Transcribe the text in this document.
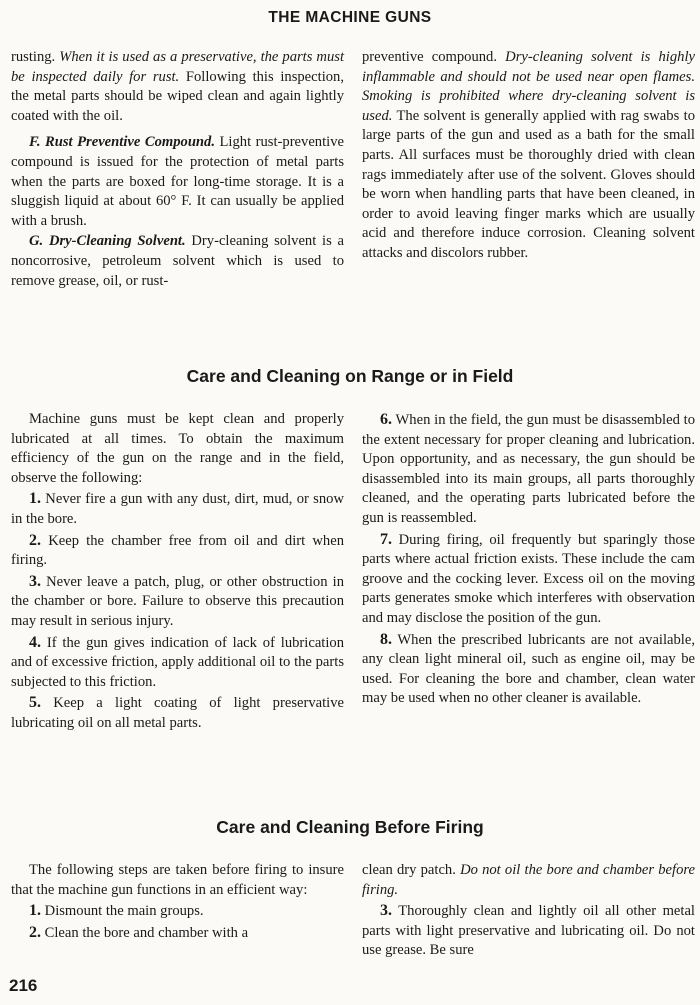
THE MACHINE GUNS

rusting. When it is used as a preservative, the parts must be inspected daily for rust. Following this inspection, the metal parts should be wiped clean and again lightly coated with the oil.

F. Rust Preventive Compound. Light rust-preventive compound is issued for the protection of metal parts when the parts are boxed for long-time storage. It is a sluggish liquid at about 60° F. It can usually be applied with a brush.

G. Dry-Cleaning Solvent. Dry-cleaning solvent is a noncorrosive, petroleum solvent which is used to remove grease, oil, or rust-

preventive compound. Dry-cleaning solvent is highly inflammable and should not be used near open flames. Smoking is prohibited where dry-cleaning solvent is used. The solvent is generally applied with rag swabs to large parts of the gun and used as a bath for the small parts. All surfaces must be thoroughly dried with clean rags immediately after use of the solvent. Gloves should be worn when handling parts that have been cleaned, in order to avoid leaving finger marks which are usually acid and therefore induce corrosion. Cleaning solvent attacks and discolors rubber.

Care and Cleaning on Range or in Field

Machine guns must be kept clean and properly lubricated at all times. To obtain the maximum efficiency of the gun on the range and in the field, observe the following:

1. Never fire a gun with any dust, dirt, mud, or snow in the bore.

2. Keep the chamber free from oil and dirt when firing.

3. Never leave a patch, plug, or other obstruction in the chamber or bore. Failure to observe this precaution may result in serious injury.

4. If the gun gives indication of lack of lubrication and of excessive friction, apply additional oil to the parts subjected to this friction.

5. Keep a light coating of light preservative lubricating oil on all metal parts.

6. When in the field, the gun must be disassembled to the extent necessary for proper cleaning and lubrication. Upon opportunity, and as necessary, the gun should be disassembled into its main groups, all parts thoroughly cleaned, and the operating parts lubricated before the gun is reassembled.

7. During firing, oil frequently but sparingly those parts where actual friction exists. These include the cam groove and the cocking lever. Excess oil on the moving parts generates smoke which interferes with observation and may disclose the position of the gun.

8. When the prescribed lubricants are not available, any clean light mineral oil, such as engine oil, may be used. For cleaning the bore and chamber, clean water may be used when no other cleaner is available.

Care and Cleaning Before Firing

The following steps are taken before firing to insure that the machine gun functions in an efficient way:

1. Dismount the main groups.

2. Clean the bore and chamber with a

clean dry patch. Do not oil the bore and chamber before firing.

3. Thoroughly clean and lightly oil all other metal parts with light preservative and lubricating oil. Do not use grease. Be sure

216
